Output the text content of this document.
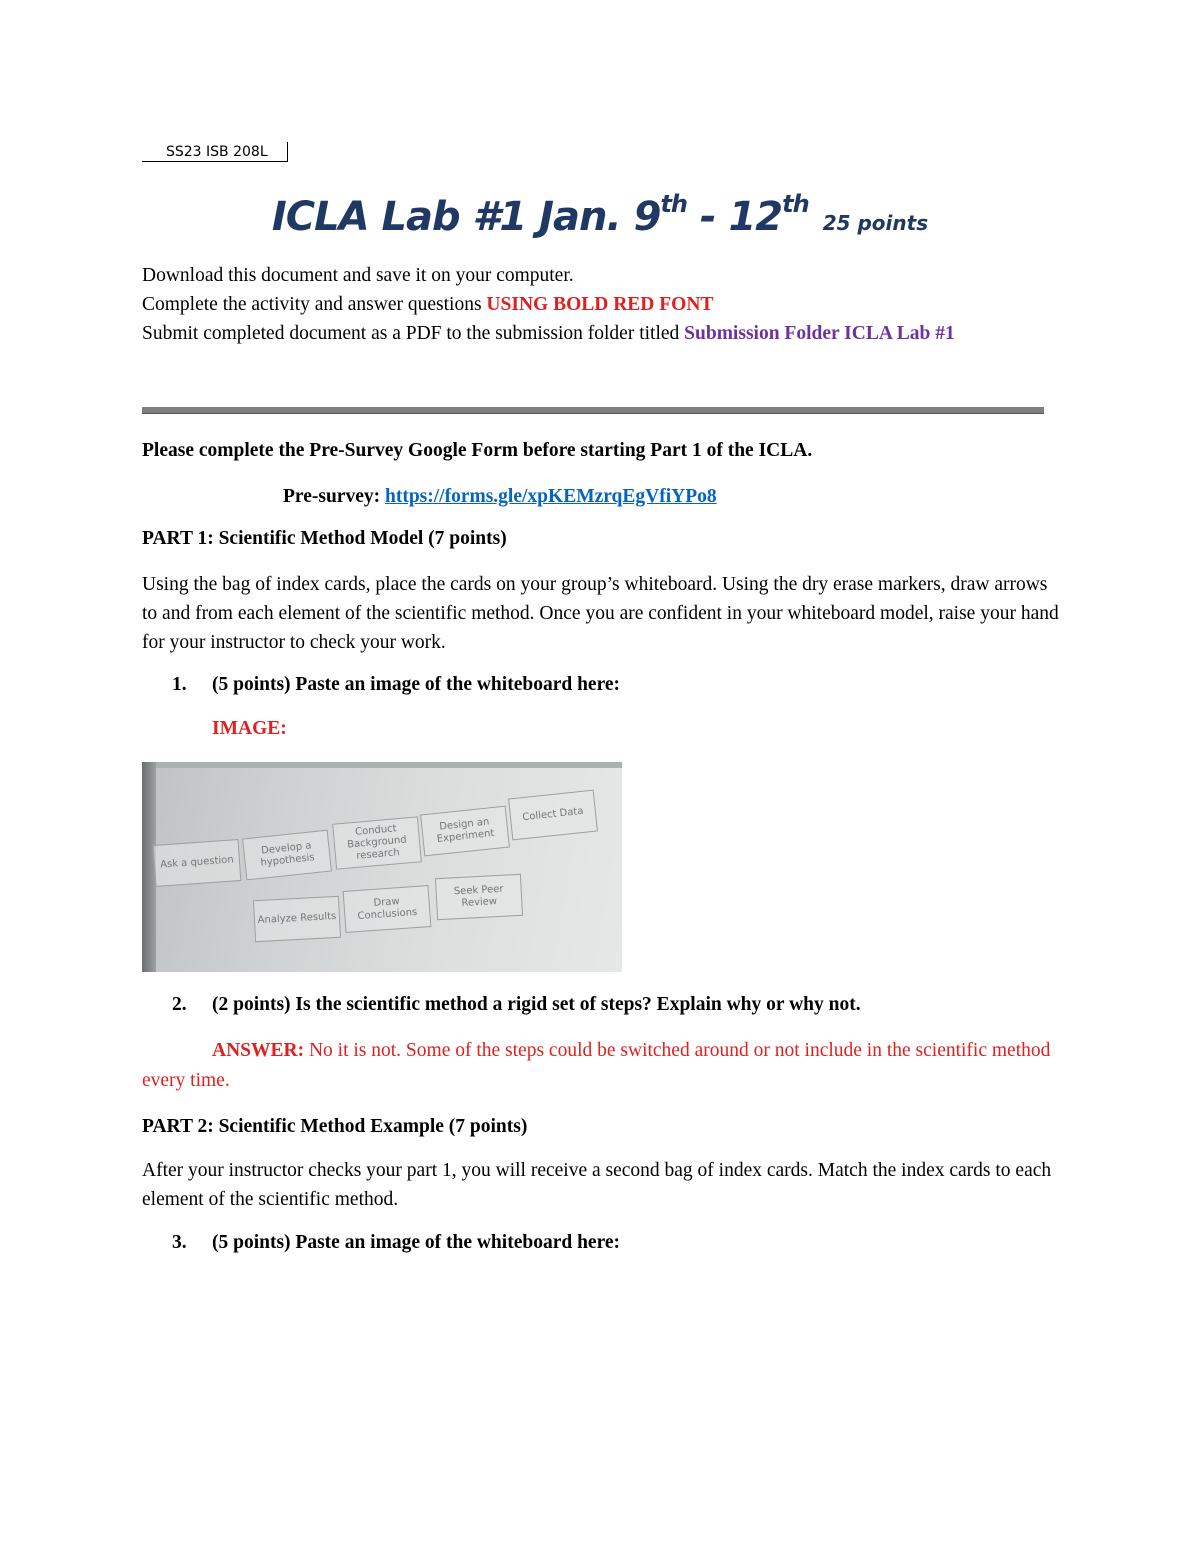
SS23 ISB 208L
ICLA Lab #1 Jan. 9th - 12th25 points
Download this document and save it on your computer.
Complete the activity and answer questions USING BOLD RED FONT
Submit completed document as a PDF to the submission folder titled Submission Folder ICLA Lab #1
Please complete the Pre-Survey Google Form before starting Part 1 of the ICLA.
Pre-survey: https://forms.gle/xpKEMzrqEgVfiYPo8
PART 1: Scientific Method Model (7 points)
Using the bag of index cards, place the cards on your group’s whiteboard. Using the dry erase markers, draw arrows to and from each element of the scientific method. Once you are confident in your whiteboard model, raise your hand for your instructor to check your work.
1. (5 points) Paste an image of the whiteboard here:
IMAGE:
Ask a question
Develop a hypothesis
Conduct Background research
Design an Experiment
Collect Data
Analyze Results
Draw Conclusions
Seek Peer Review
2. (2 points) Is the scientific method a rigid set of steps? Explain why or why not.
ANSWER: No it is not. Some of the steps could be switched around or not include in the scientific method every time.
PART 2: Scientific Method Example (7 points)
After your instructor checks your part 1, you will receive a second bag of index cards. Match the index cards to each element of the scientific method.
3. (5 points) Paste an image of the whiteboard here:
